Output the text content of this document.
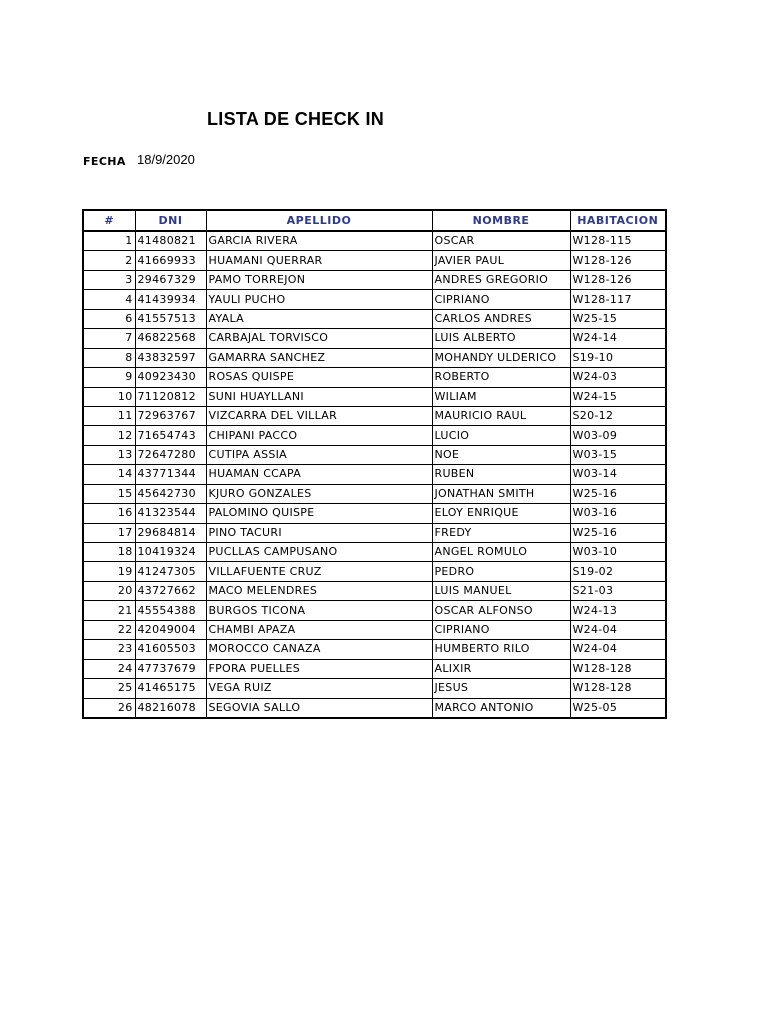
LISTA DE CHECK IN
FECHA 18/9/2020
#	DNI	APELLIDO	NOMBRE	HABITACION
1	41480821	GARCIA RIVERA	OSCAR	W128-115
2	41669933	HUAMANI QUERRAR	JAVIER PAUL	W128-126
3	29467329	PAMO TORREJON	ANDRES GREGORIO	W128-126
4	41439934	YAULI PUCHO	CIPRIANO	W128-117
6	41557513	AYALA	CARLOS ANDRES	W25-15
7	46822568	CARBAJAL TORVISCO	LUIS ALBERTO	W24-14
8	43832597	GAMARRA SANCHEZ	MOHANDY ULDERICO	S19-10
9	40923430	ROSAS QUISPE	ROBERTO	W24-03
10	71120812	SUNI HUAYLLANI	WILIAM	W24-15
11	72963767	VIZCARRA DEL VILLAR	MAURICIO RAUL	S20-12
12	71654743	CHIPANI PACCO	LUCIO	W03-09
13	72647280	CUTIPA ASSIA	NOE	W03-15
14	43771344	HUAMAN CCAPA	RUBEN	W03-14
15	45642730	KJURO GONZALES	JONATHAN SMITH	W25-16
16	41323544	PALOMINO QUISPE	ELOY ENRIQUE	W03-16
17	29684814	PINO TACURI	FREDY	W25-16
18	10419324	PUCLLAS CAMPUSANO	ANGEL ROMULO	W03-10
19	41247305	VILLAFUENTE CRUZ	PEDRO	S19-02
20	43727662	MACO MELENDRES	LUIS MANUEL	S21-03
21	45554388	BURGOS TICONA	OSCAR ALFONSO	W24-13
22	42049004	CHAMBI APAZA	CIPRIANO	W24-04
23	41605503	MOROCCO CANAZA	HUMBERTO RILO	W24-04
24	47737679	FPORA PUELLES	ALIXIR	W128-128
25	41465175	VEGA RUIZ	JESUS	W128-128
26	48216078	SEGOVIA SALLO	MARCO ANTONIO	W25-05
